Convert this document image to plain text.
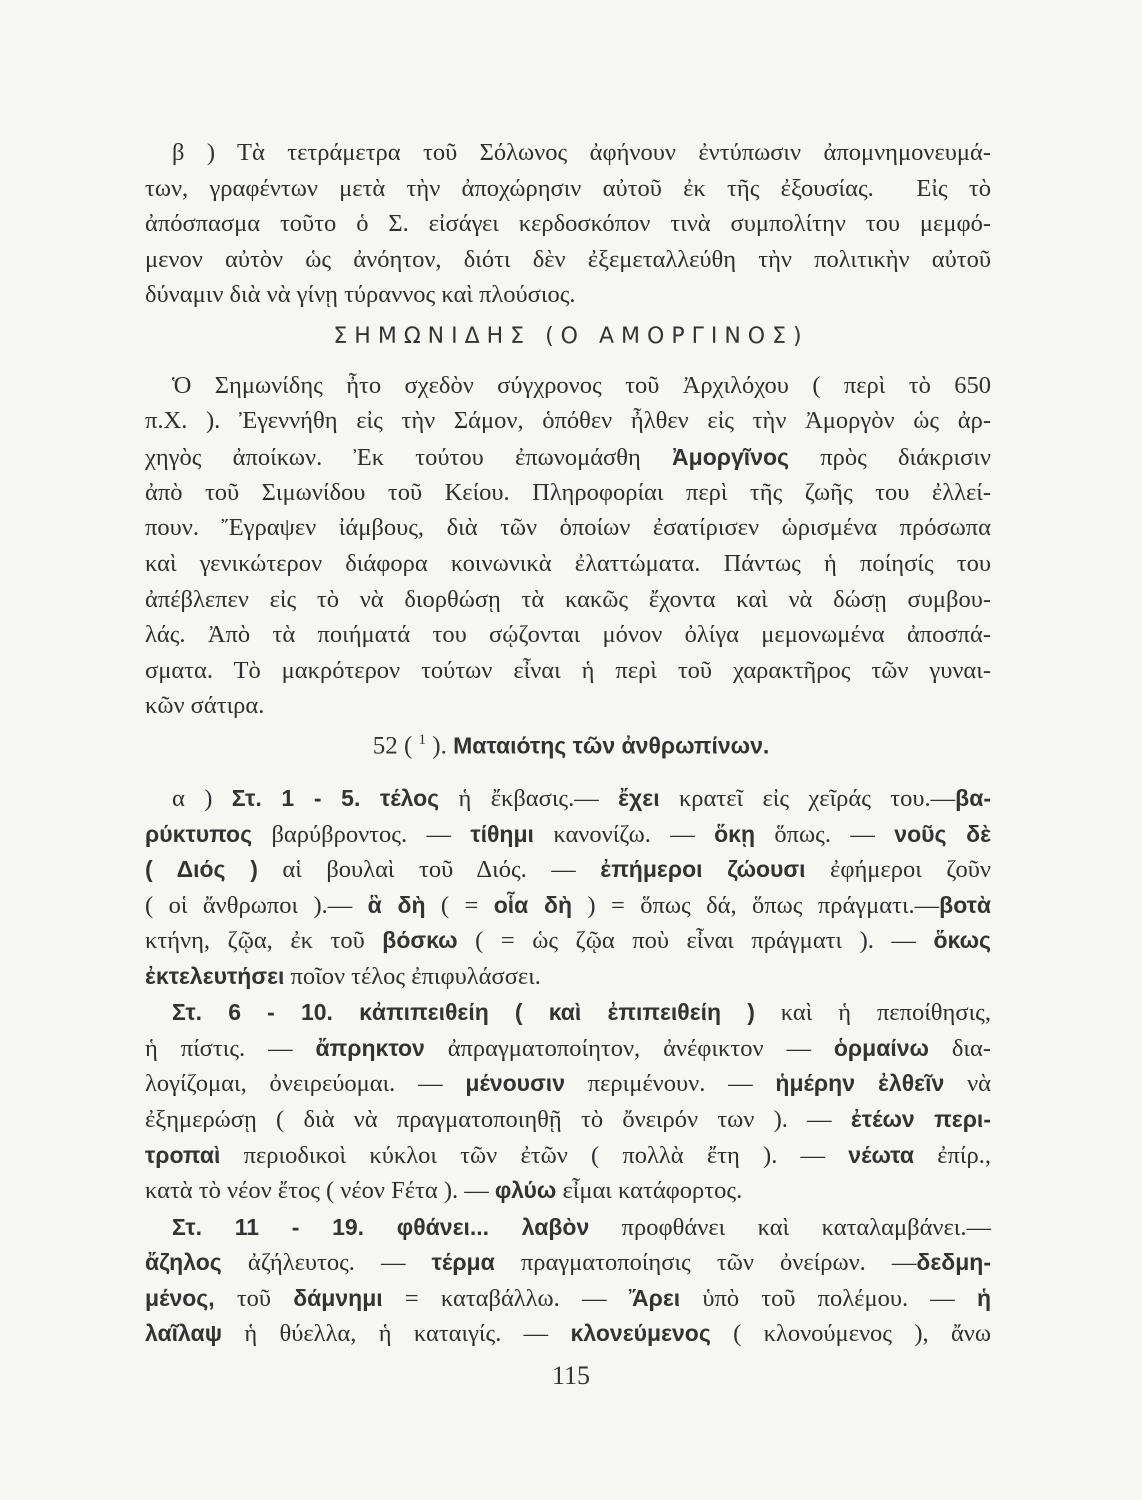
ΣΗΜΩΝΙΔΗΣ (Ο ΑΜΟΡΓΙΝΟΣ)
52 ( $^1$ ). Ματαιότης τῶν ἀνθρωπίνων.
115
β ) Τὰ τετράμετρα τοῦ Σόλωνος ἀφήνουν ἐντύπωσιν ἀπομνημονευμά-
των, γραφέντων μετὰ τὴν ἀποχώρησιν αὐτοῦ ἐκ τῆς ἐξουσίας.  Εἰς τὸ
ἀπόσπασμα τοῦτο ὁ Σ. εἰσάγει κερδοσκόπον τινὰ συμπολίτην του μεμφό-
μενον αὐτὸν ὡς ἀνόητον, διότι δὲν ἐξεμεταλλεύθη τὴν πολιτικὴν αὐτοῦ
δύναμιν διὰ νὰ γίνῃ τύραννος καὶ πλούσιος.
Ὁ Σημωνίδης ἦτο σχεδὸν σύγχρονος τοῦ Ἀρχιλόχου ( περὶ τὸ 650
π.Χ. ). Ἐγεννήθη εἰς τὴν Σάμον, ὁπόθεν ἦλθεν εἰς τὴν Ἀμοργὸν ὡς ἀρ-
χηγὸς ἀποίκων. Ἐκ τούτου ἐπωνομάσθη Ἀμοργῖνος πρὸς διάκρισιν
ἀπὸ τοῦ Σιμωνίδου τοῦ Κείου. Πληροφορίαι περὶ τῆς ζωῆς του ἐλλεί-
πουν. Ἔγραψεν ἰάμβους, διὰ τῶν ὁποίων ἐσατίρισεν ὡρισμένα πρόσωπα
καὶ γενικώτερον διάφορα κοινωνικὰ ἐλαττώματα. Πάντως ἡ ποίησίς του
ἀπέβλεπεν εἰς τὸ νὰ διορθώσῃ τὰ κακῶς ἔχοντα καὶ νὰ δώσῃ συμβου-
λάς. Ἀπὸ τὰ ποιήματά του σῴζονται μόνον ὀλίγα μεμονωμένα ἀποσπά-
σματα. Τὸ μακρότερον τούτων εἶναι ἡ περὶ τοῦ χαρακτῆρος τῶν γυναι-
κῶν σάτιρα.
α ) Στ. 1 - 5. τέλος ἡ ἔκβασις.— ἔχει κρατεῖ εἰς χεῖράς του.—βα-
ρύκτυπος βαρύβροντος. — τίθημι κανονίζω. — ὅκῃ ὅπως. — νοῦς δὲ
( Διός ) αἱ βουλαὶ τοῦ Διός. — ἐπήμεροι ζώουσι ἐφήμεροι ζοῦν
( οἱ ἄνθρωποι ).— ἃ δὴ ( = οἷα δὴ ) = ὅπως δά, ὅπως πράγματι.—βοτὰ
κτήνη, ζῷα, ἐκ τοῦ βόσκω ( = ὡς ζῷα ποὺ εἶναι πράγματι ). — ὅκως
ἐκτελευτήσει ποῖον τέλος ἐπιφυλάσσει.
Στ. 6 - 10. κἀπιπειθείη ( καὶ ἐπιπειθείη ) καὶ ἡ πεποίθησις,
ἡ πίστις. — ἄπρηκτον ἀπραγματοποίητον, ἀνέφικτον — ὁρμαίνω δια-
λογίζομαι, ὀνειρεύομαι. — μένουσιν περιμένουν. — ἡμέρην ἐλθεῖν νὰ
ἐξημερώσῃ ( διὰ νὰ πραγματοποιηθῇ τὸ ὄνειρόν των ). — ἐτέων περι-
τροπαὶ περιοδικοὶ κύκλοι τῶν ἐτῶν ( πολλὰ ἔτη ). — νέωτα ἐπίρ.,
κατὰ τὸ νέον ἔτος ( νέον Fέτα ). — φλύω εἶμαι κατάφορτος.
Στ. 11 - 19. φθάνει... λαβὸν προφθάνει καὶ καταλαμβάνει.—
ἄζηλος ἀζήλευτος. — τέρμα πραγματοποίησις τῶν ὀνείρων. —δεδμη-
μένος, τοῦ δάμνημι = καταβάλλω. — Ἄρει ὑπὸ τοῦ πολέμου. — ἡ
λαῖλαψ ἡ θύελλα, ἡ καταιγίς. — κλονεύμενος ( κλονούμενος ), ἄνω
